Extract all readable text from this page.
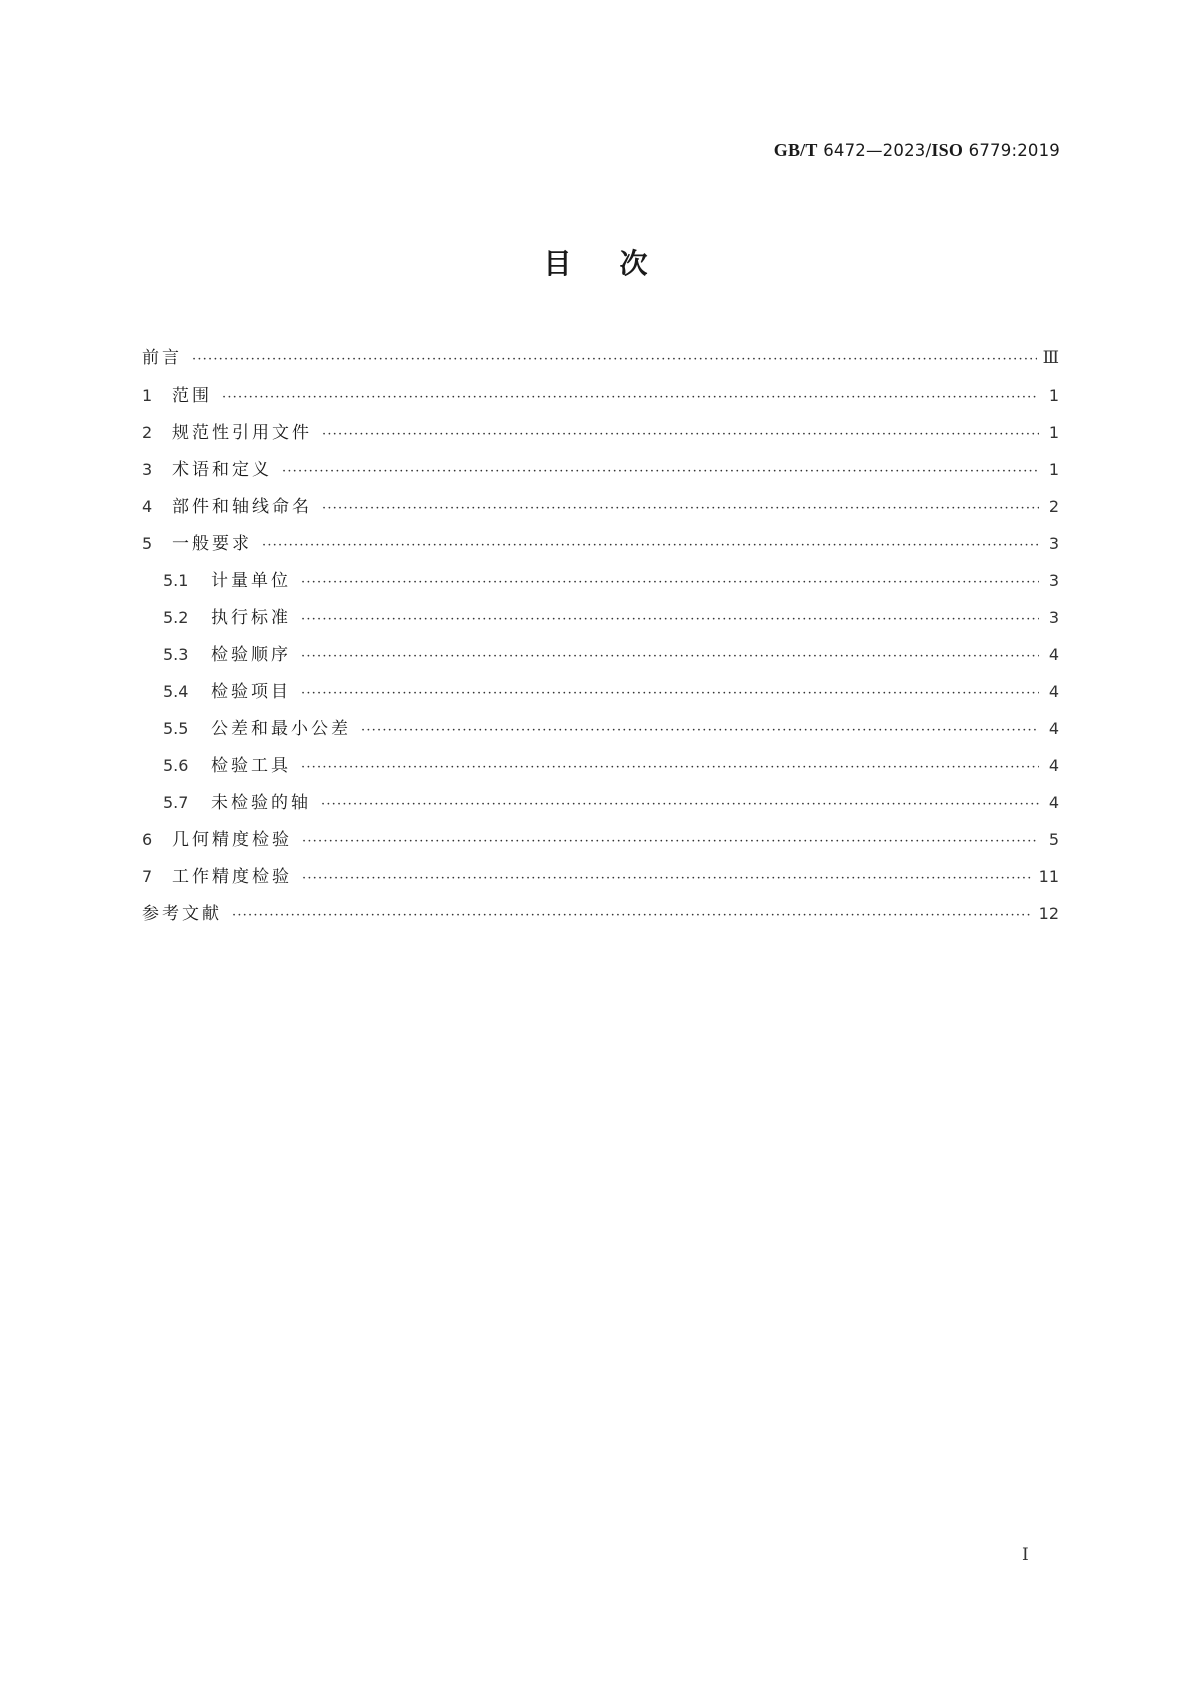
GB/T 6472—2023/ISO 6779:2019
目次
前言 ·····	Ⅲ
1	范围 ·····	1
2	规范性引用文件 ·····	1
3	术语和定义 ·····	1
4	部件和轴线命名 ·····	2
5	一般要求 ·····	3
5.1	计量单位 ·····	3
5.2	执行标准 ·····	3
5.3	检验顺序 ·····	4
5.4	检验项目 ·····	4
5.5	公差和最小公差 ·····	4
5.6	检验工具 ·····	4
5.7	未检验的轴 ·····	4
6	几何精度检验 ·····	5
7	工作精度检验 ·····	11
参考文献 ·····	12
Ⅰ
